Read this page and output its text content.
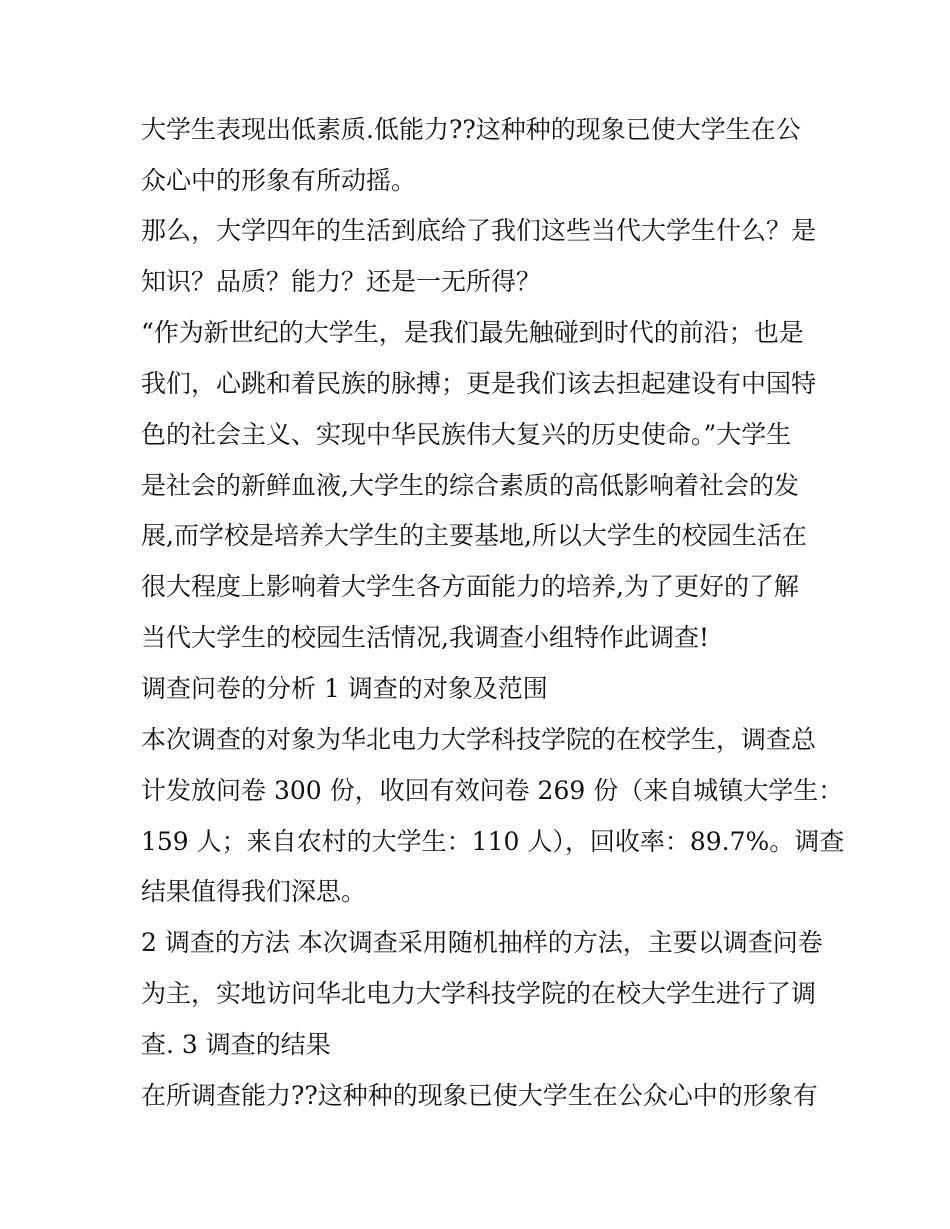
大学生表现出低素质.低能力??这种种的现象已使大学生在公
众心中的形象有所动摇。
那么，大学四年的生活到底给了我们这些当代大学生什么？是
知识？品质？能力？还是一无所得？
“作为新世纪的大学生，是我们最先触碰到时代的前沿；也是
我们，心跳和着民族的脉搏；更是我们该去担起建设有中国特
色的社会主义、实现中华民族伟大复兴的历史使命。”大学生
是社会的新鲜血液,大学生的综合素质的高低影响着社会的发
展,而学校是培养大学生的主要基地,所以大学生的校园生活在
很大程度上影响着大学生各方面能力的培养,为了更好的了解
当代大学生的校园生活情况,我调查小组特作此调查!
调查问卷的分析 1 调查的对象及范围
本次调查的对象为华北电力大学科技学院的在校学生，调查总
计发放问卷 300 份，收回有效问卷 269 份（来自城镇大学生：
159 人；来自农村的大学生：110 人），回收率：89.7%。调查
结果值得我们深思。
2 调查的方法 本次调查采用随机抽样的方法，主要以调查问卷
为主，实地访问华北电力大学科技学院的在校大学生进行了调
查. 3 调查的结果
在所调查能力??这种种的现象已使大学生在公众心中的形象有
